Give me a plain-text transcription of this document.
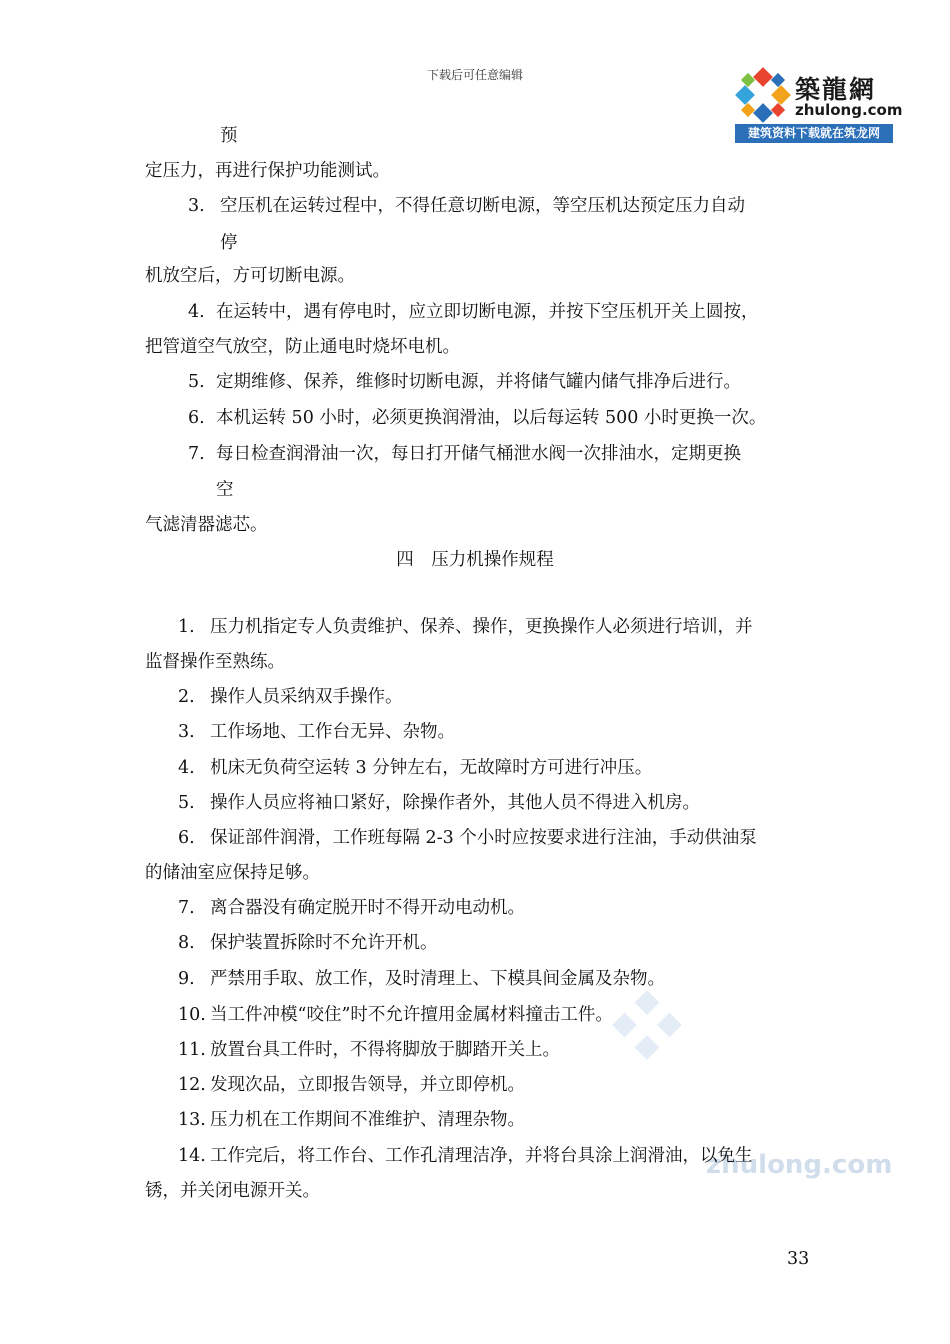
下载后可任意编辑	築龍網
zhulong.com
建筑资料下载就在筑龙网
zhulong.com
预
定压力，再进行保护功能测试。
3. 空压机在运转过程中，不得任意切断电源，等空压机达预定压力自动
停
机放空后，方可切断电源。
4. 在运转中，遇有停电时，应立即切断电源，并按下空压机开关上圆按，
把管道空气放空，防止通电时烧坏电机。
5. 定期维修、保养，维修时切断电源，并将储气罐内储气排净后进行。
6. 本机运转 50 小时，必须更换润滑油，以后每运转 500 小时更换一次。
7. 每日检查润滑油一次，每日打开储气桶泄水阀一次排油水，定期更换
空
气滤清器滤芯。
四　压力机操作规程
1. 压力机指定专人负责维护、保养、操作，更换操作人必须进行培训，并
监督操作至熟练。
2. 操作人员采纳双手操作。
3. 工作场地、工作台无异、杂物。
4. 机床无负荷空运转 3 分钟左右，无故障时方可进行冲压。
5. 操作人员应将袖口紧好，除操作者外，其他人员不得进入机房。
6. 保证部件润滑，工作班每隔 2-3 个小时应按要求进行注油，手动供油泵
的储油室应保持足够。
7. 离合器没有确定脱开时不得开动电动机。
8. 保护装置拆除时不允许开机。
9. 严禁用手取、放工作，及时清理上、下模具间金属及杂物。
10. 当工件冲模“咬住”时不允许擅用金属材料撞击工件。
11. 放置台具工件时，不得将脚放于脚踏开关上。
12. 发现次品，立即报告领导，并立即停机。
13. 压力机在工作期间不准维护、清理杂物。
14. 工作完后，将工作台、工作孔清理洁净，并将台具涂上润滑油，以免生
锈，并关闭电源开关。
33
